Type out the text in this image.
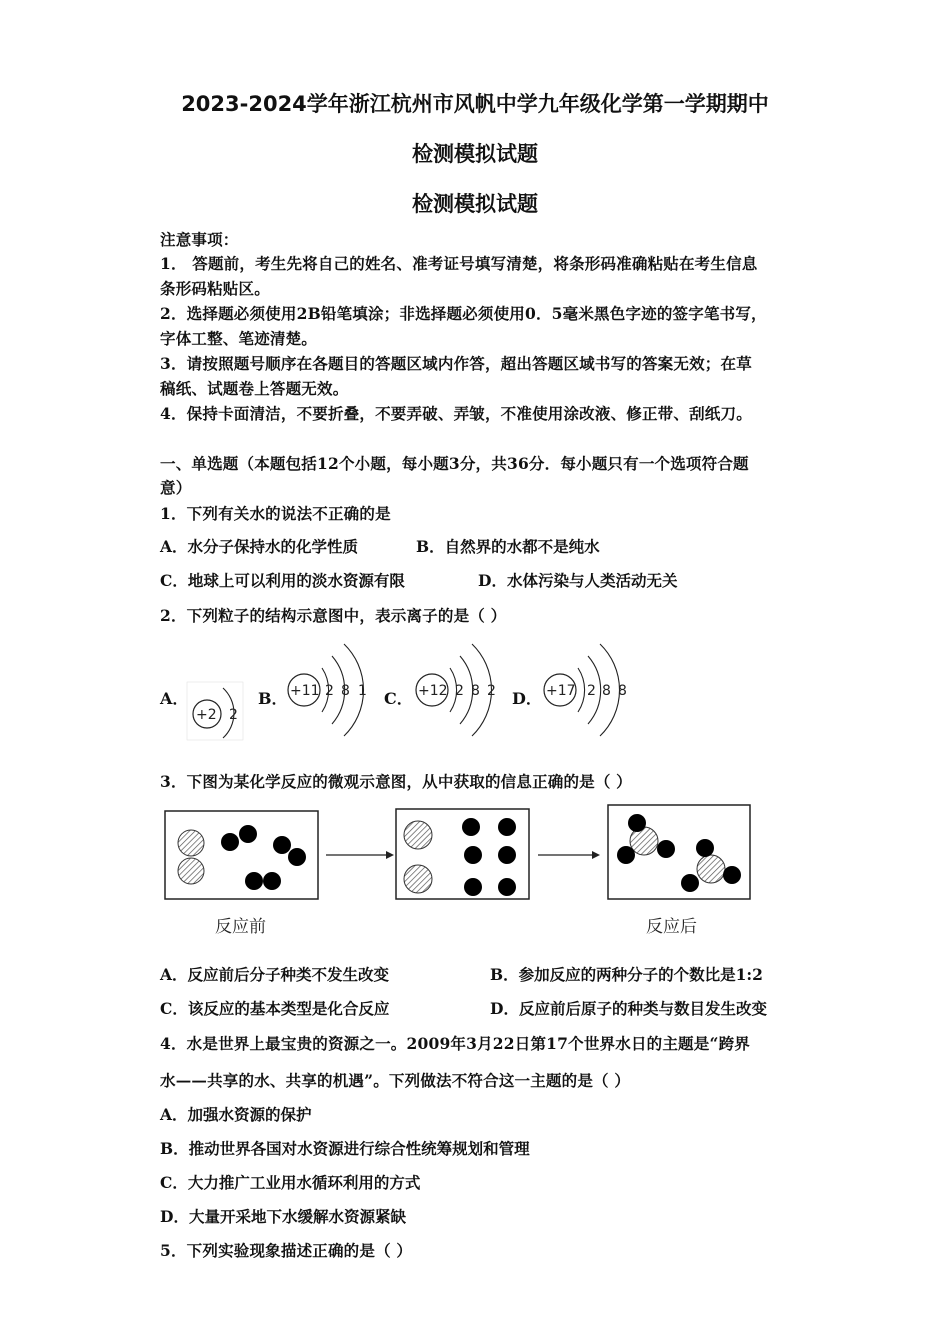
2023-2024学年浙江杭州市风帆中学九年级化学第一学期期中
检测模拟试题
检测模拟试题
注意事项：
1． 答题前，考生先将自己的姓名、准考证号填写清楚，将条形码准确粘贴在考生信息
条形码粘贴区。
2．选择题必须使用2B铅笔填涂；非选择题必须使用0．5毫米黑色字迹的签字笔书写，
字体工整、笔迹清楚。
3．请按照题号顺序在各题目的答题区域内作答，超出答题区域书写的答案无效；在草
稿纸、试题卷上答题无效。
4．保持卡面清洁，不要折叠，不要弄破、弄皱，不准使用涂改液、修正带、刮纸刀。
一、单选题（本题包括12个小题，每小题3分，共36分．每小题只有一个选项符合题
意）
1．下列有关水的说法不正确的是
A．水分子保持水的化学性质	B．自然界的水都不是纯水
C．地球上可以利用的淡水资源有限	D．水体污染与人类活动无关
2．下列粒子的结构示意图中，表示离子的是（ ）
A．	B．	C．	D．
+2 2
+11 2 8 1	+12 2 8 2	+17 2 8 8
3．下图为某化学反应的微观示意图，从中获取的信息正确的是（ ）
反应前	反应后
A．反应前后分子种类不发生改变	B．参加反应的两种分子的个数比是1:2
C．该反应的基本类型是化合反应	D．反应前后原子的种类与数目发生改变
4．水是世界上最宝贵的资源之一。2009年3月22日第17个世界水日的主题是“跨界
水——共享的水、共享的机遇”。下列做法不符合这一主题的是（ ）
A．加强水资源的保护
B．推动世界各国对水资源进行综合性统筹规划和管理
C．大力推广工业用水循环利用的方式
D．大量开采地下水缓解水资源紧缺
5．下列实验现象描述正确的是（ ）
